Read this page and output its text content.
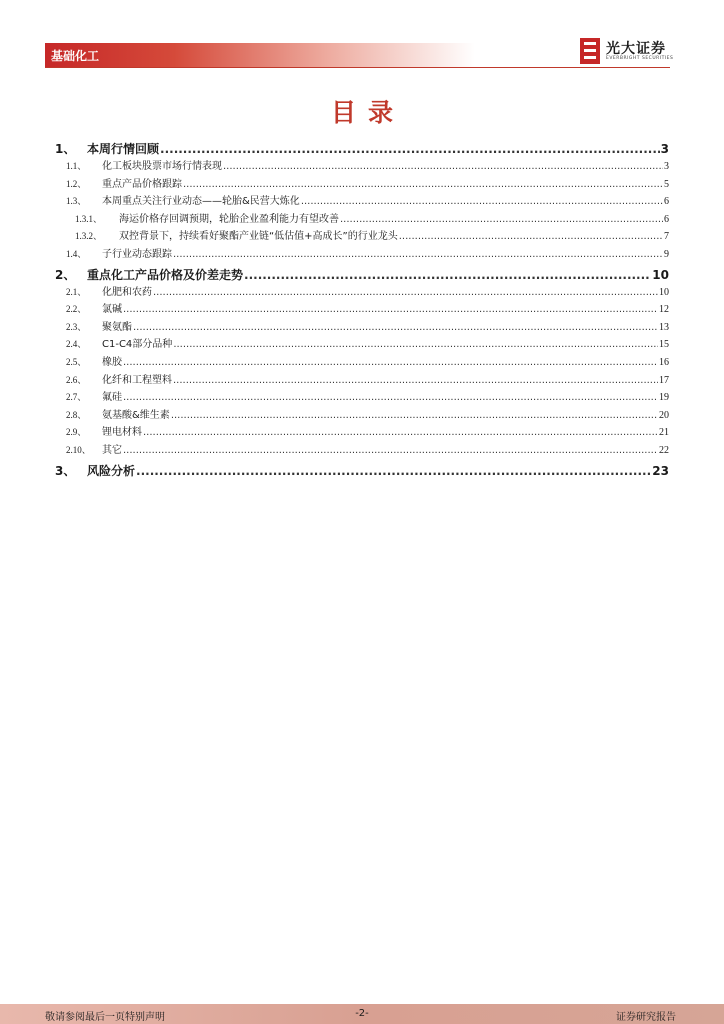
基础化工	光大证券
EVERBRIGHT SECURITIES
目录
1、 本周行情回顾 .....	3
1.1、	化工板块股票市场行情表现 .....	3
1.2、	重点产品价格跟踪 .....	5
1.3、	本周重点关注行业动态——轮胎&民营大炼化 .....	6
1.3.1、	海运价格存回调预期，轮胎企业盈利能力有望改善 .....	6
1.3.2、	双控背景下，持续看好聚酯产业链“低估值+高成长”的行业龙头 .....	7
1.4、	子行业动态跟踪 .....	9
2、 重点化工产品价格及价差走势 .....	10
2.1、	化肥和农药 .....	10
2.2、	氯碱 .....	12
2.3、	聚氨酯 .....	13
2.4、	C1-C4部分品种 .....	15
2.5、	橡胶 .....	16
2.6、	化纤和工程塑料 .....	17
2.7、	氟硅 .....	19
2.8、	氨基酸&维生素 .....	20
2.9、	锂电材料 .....	21
2.10、	其它 .....	22
3、 风险分析 .....	23
敬请参阅最后一页特别声明	-2-	证券研究报告
